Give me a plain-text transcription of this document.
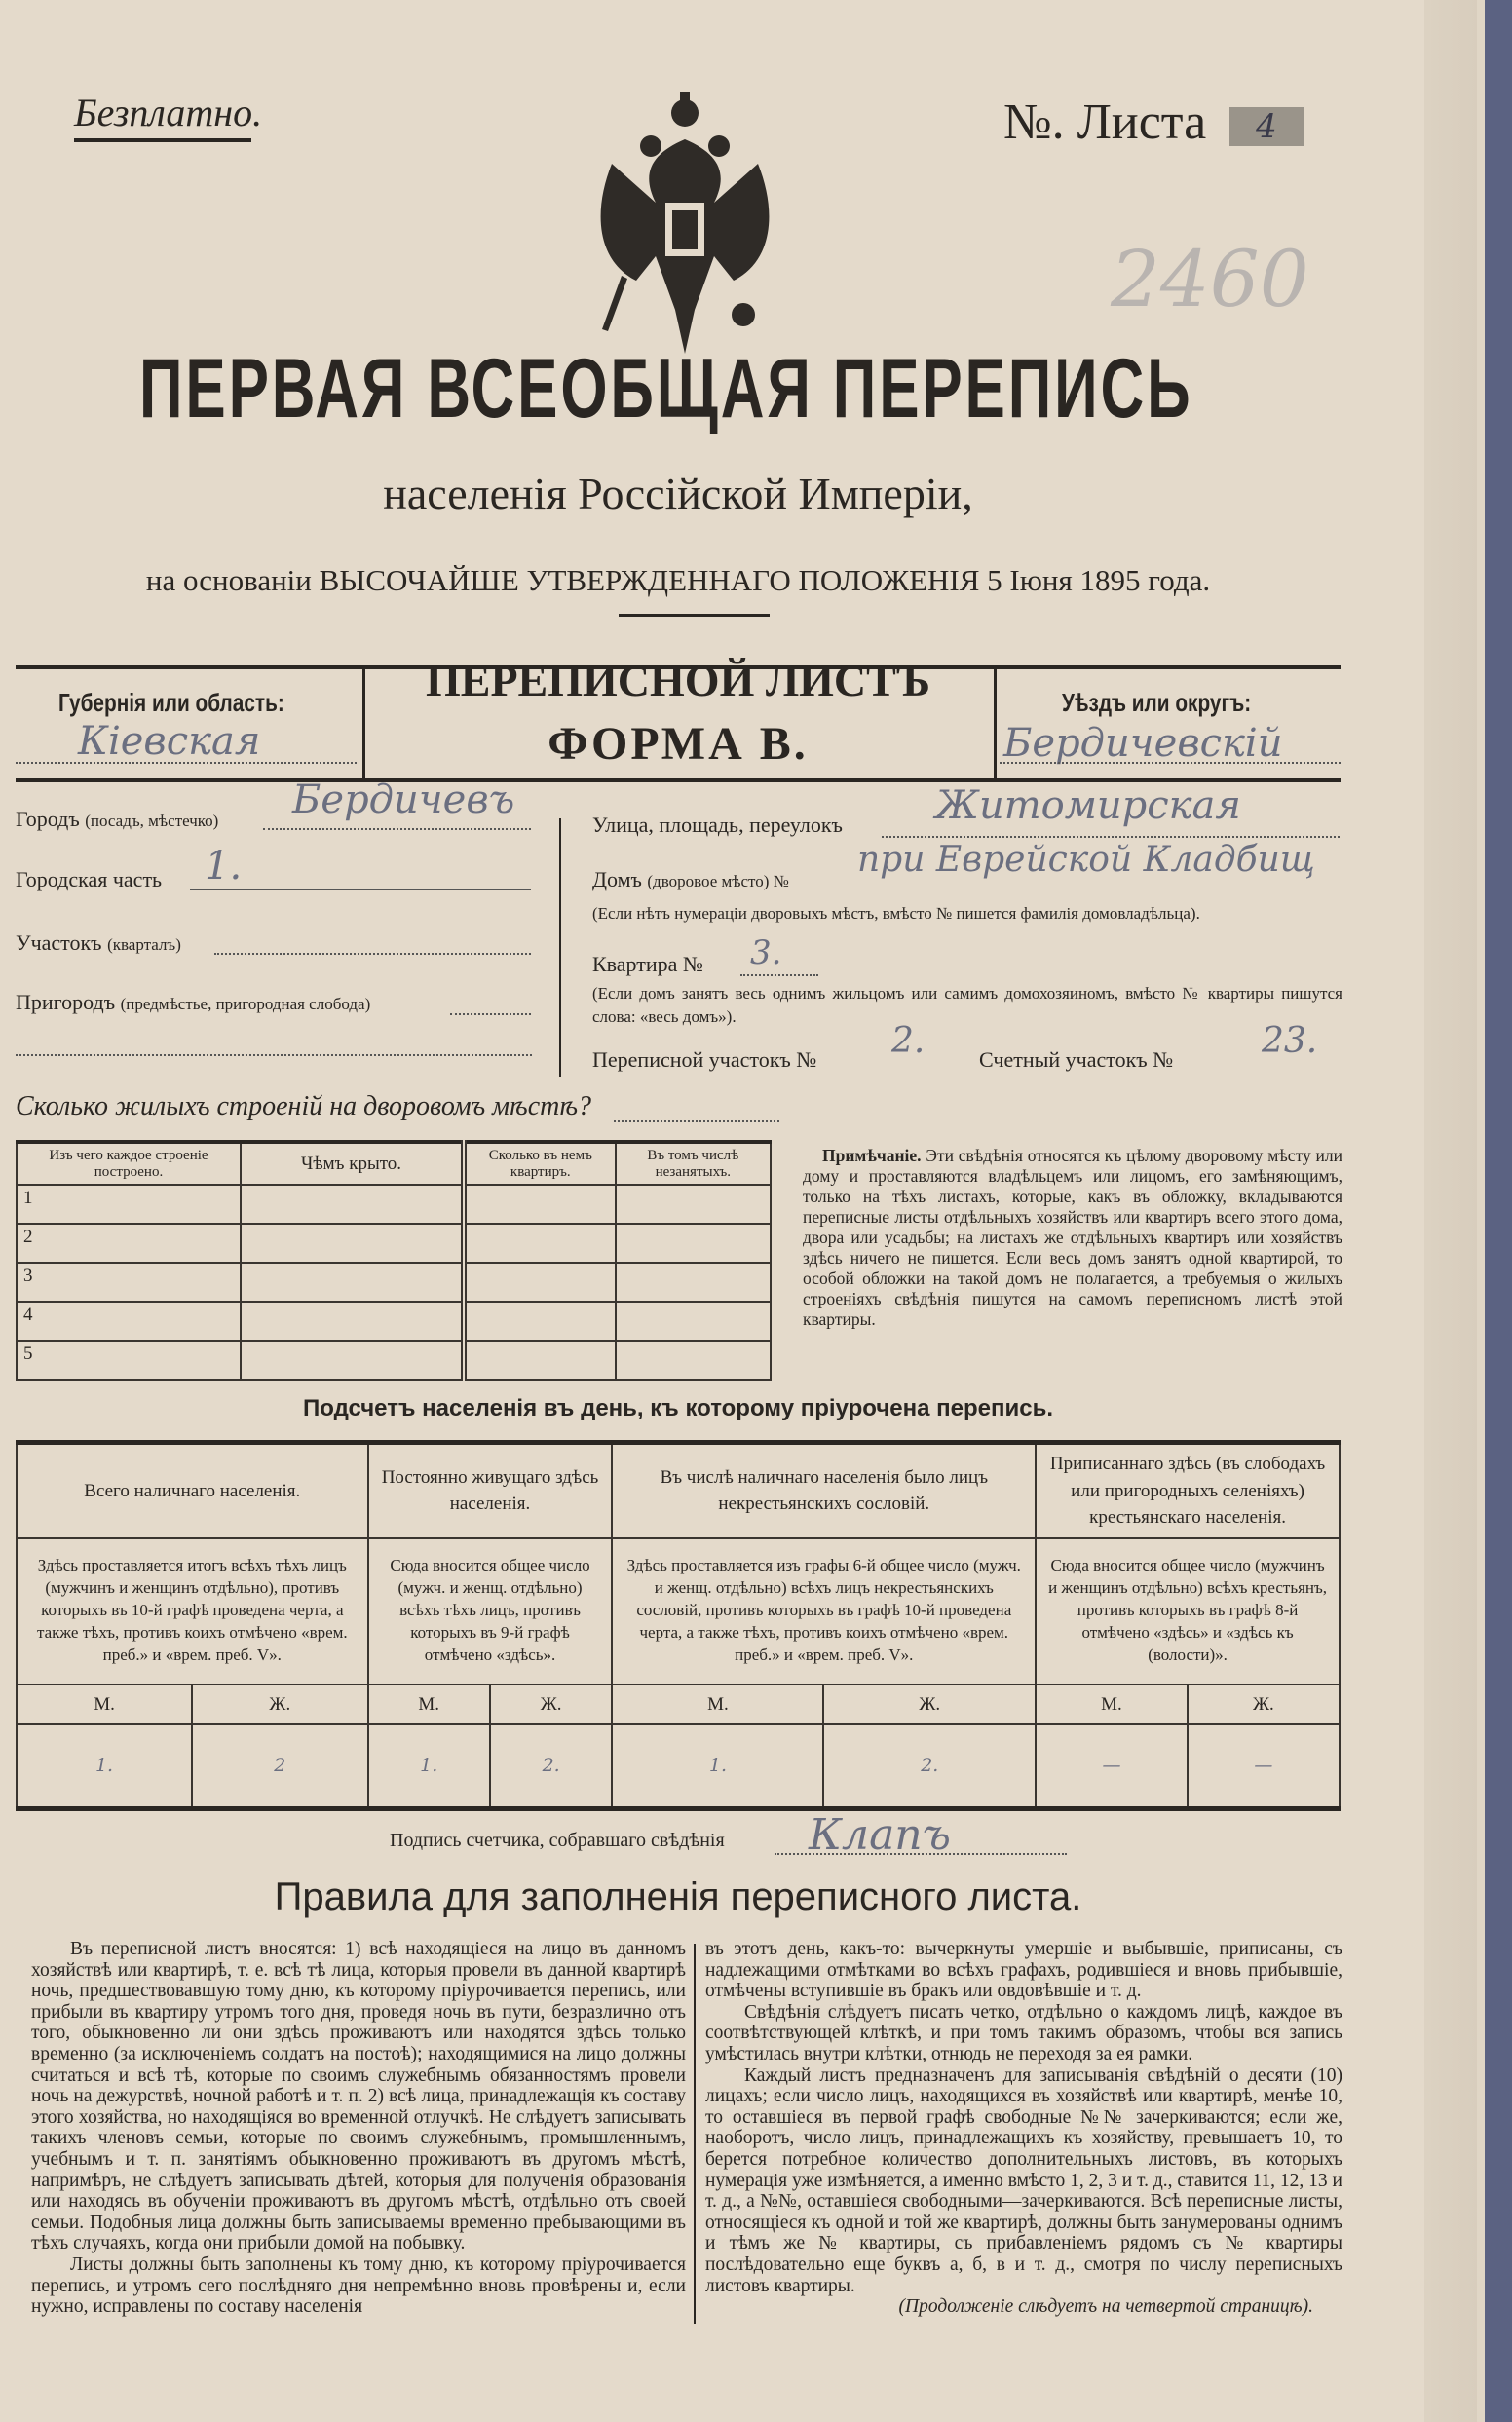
Безплатно.	№. Листа	4
2460
ПЕРВАЯ ВСЕОБЩАЯ ПЕРЕПИСЬ
населенія Россійской Имперіи,
на основаніи ВЫСОЧАЙШЕ УТВЕРЖДЕННАГО ПОЛОЖЕНІЯ 5 Іюня 1895 года.
Губернія или область:
Кіевская
ПЕРЕПИСНОЙ ЛИСТЪ
ФОРМА В.
Уѣздъ или округъ:
Бердичевскій
Городъ (посадъ, мѣстечко) Бердичевъ
Городская часть 1.
Участокъ (кварталъ)
Пригородъ (предмѣстье, пригородная слобода)
Улица, площадь, переулокъ Житомирская
Домъ (дворовое мѣсто) №
при Еврейской Кладбищ
(Если нѣтъ нумераціи дворовыхъ мѣстъ, вмѣсто № пишется фамилія домовладѣльца).
Квартира № 3.
(Если домъ занятъ весь однимъ жильцомъ или самимъ домохозяиномъ, вмѣсто № квартиры пишутся слова: «весь домъ»).
Переписной участокъ № 2.	Счетный участокъ №	23.
Сколько жилыхъ строеній на дворовомъ мѣстѣ?
Изъ чего каждое строеніе построено.	Чѣмъ крыто.	Сколько въ немъ квартиръ.	Въ томъ числѣ незанятыхъ.
1			
2			
3			
4			
5			
Примѣчаніе. Эти свѣдѣнія относятся къ цѣлому дворовому мѣсту или дому и проставляются владѣльцемъ или лицомъ, его замѣняющимъ, только на тѣхъ листахъ, которые, какъ въ обложку, вкладываются переписные листы отдѣльныхъ хозяйствъ или квартиръ всего этого дома, двора или усадьбы; на листахъ же отдѣльныхъ квартиръ или хозяйствъ здѣсь ничего не пишется. Если весь домъ занятъ одной квартирой, то особой обложки на такой домъ не полагается, а требуемыя о жилыхъ строеніяхъ свѣдѣнія пишутся на самомъ переписномъ листѣ этой квартиры.
Подсчетъ населенія въ день, къ которому пріурочена перепись.
Всего наличнаго населенія.		Постоянно живущаго здѣсь населенія.		Въ числѣ наличнаго населенія было лицъ некрестьянскихъ сословій.		Приписаннаго здѣсь (въ слободахъ или пригородныхъ селеніяхъ) крестьянскаго населенія.	
Здѣсь проставляется итогъ всѣхъ тѣхъ лицъ (мужчинъ и женщинъ отдѣльно), противъ которыхъ въ 10-й графѣ проведена черта, а также тѣхъ, противъ коихъ отмѣчено «врем. преб.» и «врем. преб. V».		Сюда вносится общее число (мужч. и женщ. отдѣльно) всѣхъ тѣхъ лицъ, противъ которыхъ въ 9-й графѣ отмѣчено «здѣсь».		Здѣсь проставляется изъ графы 6-й общее число (мужч. и женщ. отдѣльно) всѣхъ лицъ некрестьянскихъ сословій, противъ которыхъ въ графѣ 10-й проведена черта, а также тѣхъ, противъ коихъ отмѣчено «врем. преб.» и «врем. преб. V».		Сюда вносится общее число (мужчинъ и женщинъ отдѣльно) всѣхъ крестьянъ, противъ которыхъ въ графѣ 8-й отмѣчено «здѣсь» и «здѣсь къ (волости)».	
М.	Ж.	М.	Ж.	М.	Ж.	М.	Ж.
1.	2	1.	2.	1.	2.	—	—
Подпись счетчика, собравшаго свѣдѣнія Клапъ
Правила для заполненія переписного листа.

Въ переписной листъ вносятся: 1) всѣ находящіеся на лицо въ данномъ хозяйствѣ или квартирѣ, т. е. всѣ тѣ лица, которыя провели въ данной квартирѣ ночь, предшествовавшую тому дню, къ которому пріурочивается перепись, или прибыли въ квартиру утромъ того дня, проведя ночь въ пути, безразлично отъ того, обыкновенно ли они здѣсь проживаютъ или находятся здѣсь только временно (за исключеніемъ солдатъ на постоѣ); находящимися на лицо должны считаться и всѣ тѣ, которые по своимъ служебнымъ обязанностямъ провели ночь на дежурствѣ, ночной работѣ и т. п. 2) всѣ лица, принадлежащія къ составу этого хозяйства, но находящіяся во временной отлучкѣ. Не слѣдуетъ записывать такихъ членовъ семьи, которые по своимъ служебнымъ, промышленнымъ, учебнымъ и т. п. занятіямъ обыкновенно проживаютъ въ другомъ мѣстѣ, напримѣръ, не слѣдуетъ записывать дѣтей, которыя для полученія образованія или находясь въ обученіи проживаютъ въ другомъ мѣстѣ, отдѣльно отъ своей семьи. Подобныя лица должны быть записываемы временно пребывающими въ тѣхъ случаяхъ, когда они прибыли домой на побывку.

Листы должны быть заполнены къ тому дню, къ которому пріурочивается перепись, и утромъ сего послѣдняго дня непремѣнно вновь провѣрены и, если нужно, исправлены по составу населенія

въ этотъ день, какъ-то: вычеркнуты умершіе и выбывшіе, приписаны, съ надлежащими отмѣтками во всѣхъ графахъ, родившіеся и вновь прибывшіе, отмѣчены вступившіе въ бракъ или овдовѣвшіе и т. д.

Свѣдѣнія слѣдуетъ писать четко, отдѣльно о каждомъ лицѣ, каждое въ соотвѣтствующей клѣткѣ, и при томъ такимъ образомъ, чтобы вся запись умѣстилась внутри клѣтки, отнюдь не переходя за ея рамки.

Каждый листъ предназначенъ для записыванія свѣдѣній о десяти (10) лицахъ; если число лицъ, находящихся въ хозяйствѣ или квартирѣ, менѣе 10, то оставшіеся въ первой графѣ свободные №№ зачеркиваются; если же, наоборотъ, число лицъ, принадлежащихъ къ хозяйству, превышаетъ 10, то берется потребное количество дополнительныхъ листовъ, въ которыхъ нумерація уже измѣняется, а именно вмѣсто 1, 2, 3 и т. д., ставится 11, 12, 13 и т. д., а №№, оставшіеся свободными—зачеркиваются. Всѣ переписные листы, относящіеся къ одной и той же квартирѣ, должны быть занумерованы однимъ и тѣмъ же № квартиры, съ прибавленіемъ рядомъ съ № квартиры послѣдовательно еще буквъ а, б, в и т. д., смотря по числу переписныхъ листовъ квартиры.

(Продолженіе слѣдуетъ на четвертой страницѣ).
